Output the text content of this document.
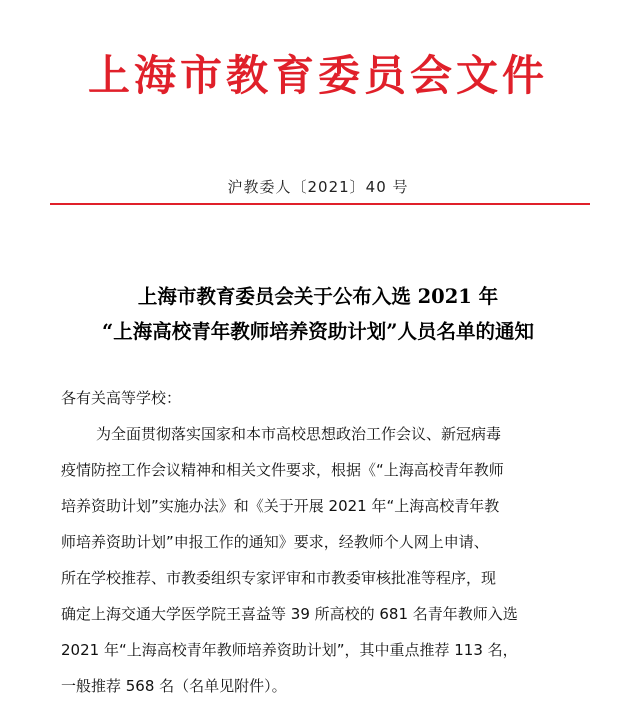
上海市教育委员会文件
沪教委人〔2021〕40 号
上海市教育委员会关于公布入选 2021 年
“上海高校青年教师培养资助计划”人员名单的通知
各有关高等学校：
为全面贯彻落实国家和本市高校思想政治工作会议、新冠病毒
疫情防控工作会议精神和相关文件要求，根据《“上海高校青年教师
培养资助计划”实施办法》和《关于开展 2021 年“上海高校青年教
师培养资助计划”申报工作的通知》要求，经教师个人网上申请、
所在学校推荐、市教委组织专家评审和市教委审核批准等程序，现
确定上海交通大学医学院王喜益等 39 所高校的 681 名青年教师入选
2021 年“上海高校青年教师培养资助计划”，其中重点推荐 113 名，
一般推荐 568 名（名单见附件）。
